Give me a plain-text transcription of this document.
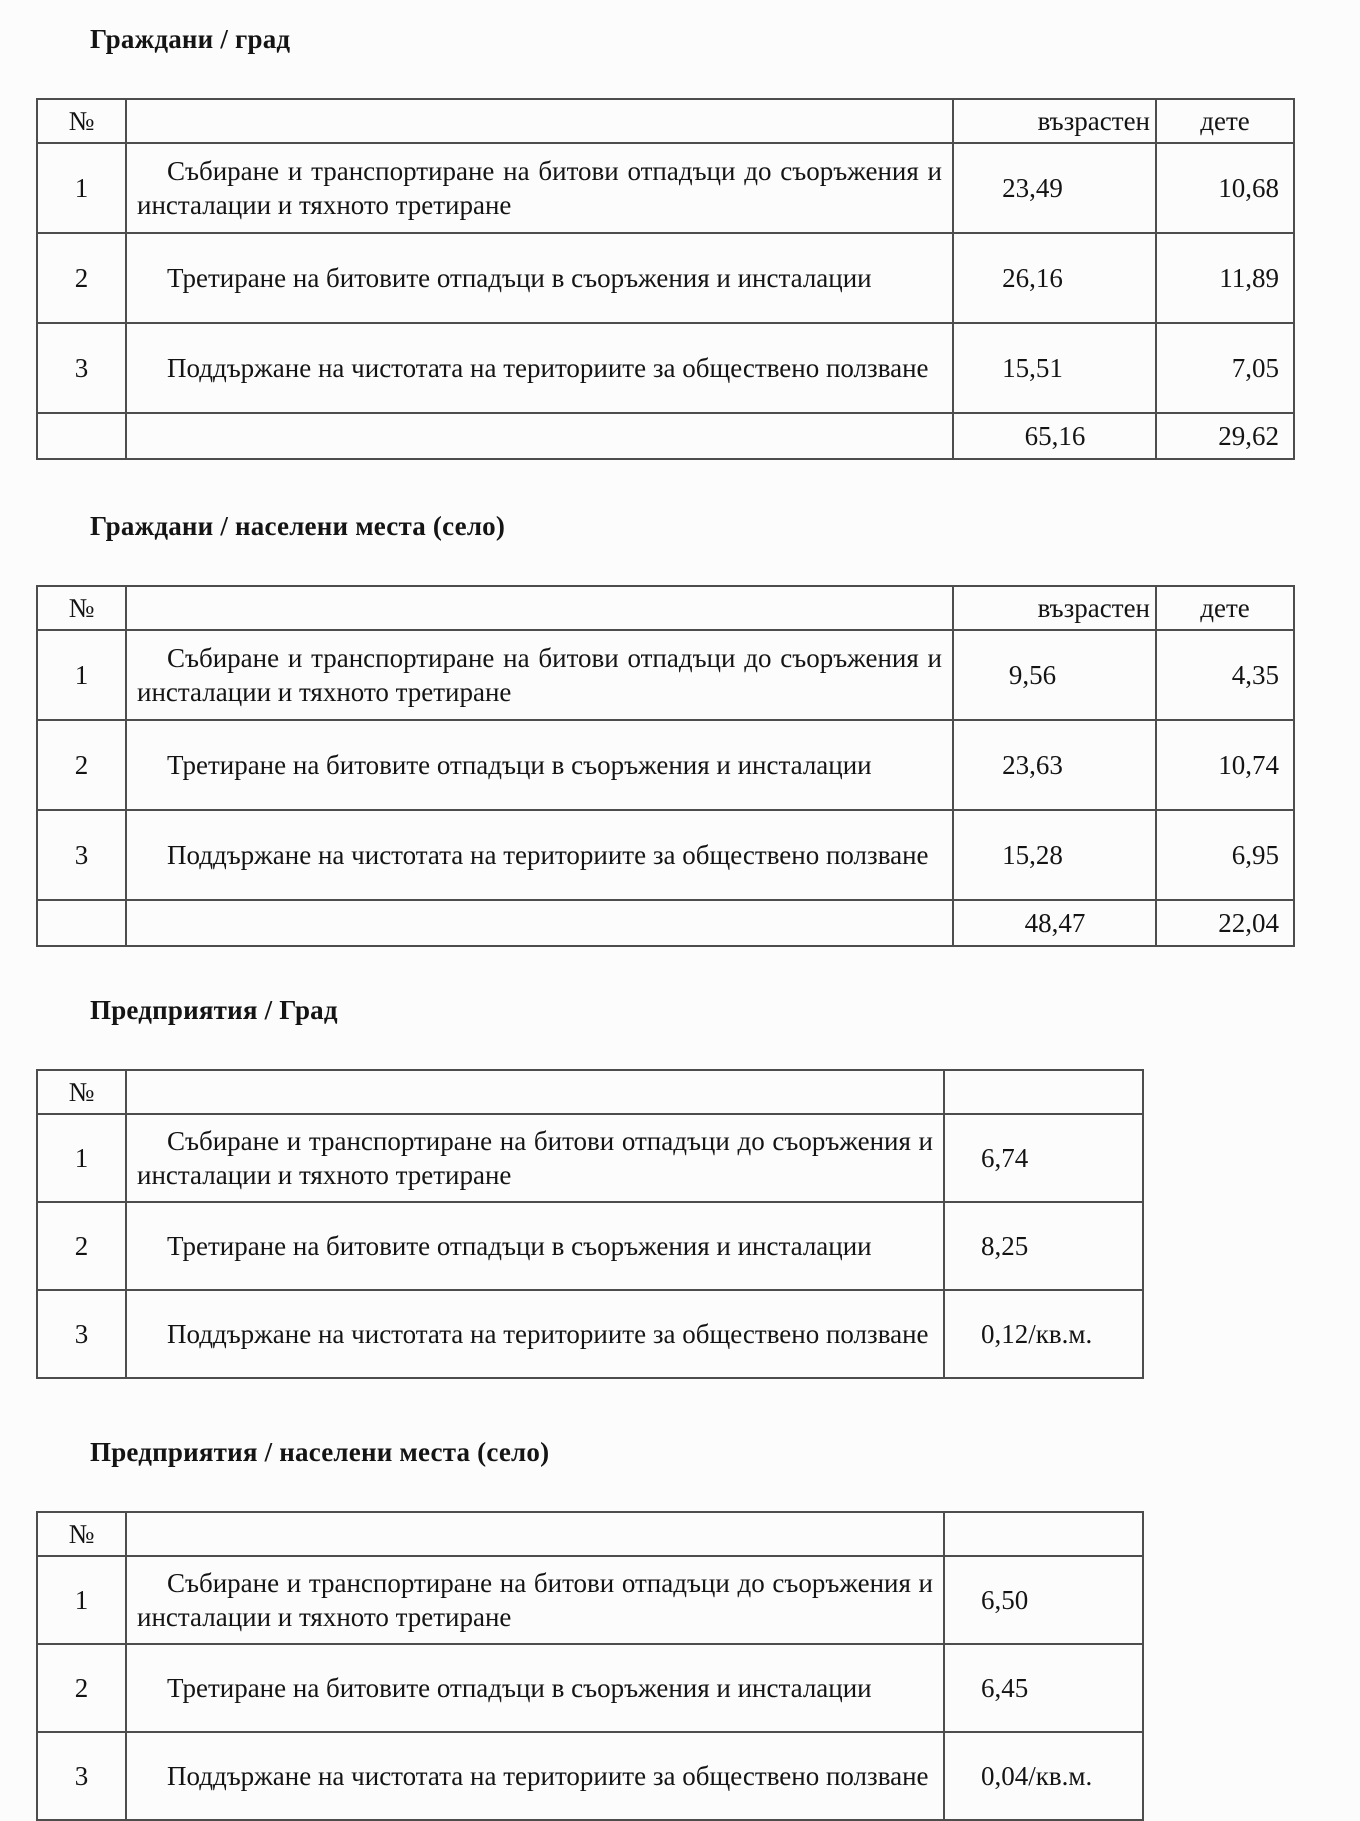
Граждани / град
№		възрастен	дете
1	Събиране и транспортиране на битови отпадъци до съоръжения и инсталации и тяхното третиране	23,49	10,68
2	Третиране на битовите отпадъци в съоръжения и инсталации	26,16	11,89
3	Поддържане на чистотата на териториите за обществено ползване	15,51	7,05
		65,16	29,62
Граждани / населени места (село)
№		възрастен	дете
1	Събиране и транспортиране на битови отпадъци до съоръжения и инсталации и тяхното третиране	9,56	4,35
2	Третиране на битовите отпадъци в съоръжения и инсталации	23,63	10,74
3	Поддържане на чистотата на териториите за обществено ползване	15,28	6,95
		48,47	22,04
Предприятия / Град
№		
1	Събиране и транспортиране на битови отпадъци до съоръжения и инсталации и тяхното третиране	6,74
2	Третиране на битовите отпадъци в съоръжения и инсталации	8,25
3	Поддържане на чистотата на териториите за обществено ползване	0,12/кв.м.
Предприятия / населени места (село)
№		
1	Събиране и транспортиране на битови отпадъци до съоръжения и инсталации и тяхното третиране	6,50
2	Третиране на битовите отпадъци в съоръжения и инсталации	6,45
3	Поддържане на чистотата на териториите за обществено ползване	0,04/кв.м.
